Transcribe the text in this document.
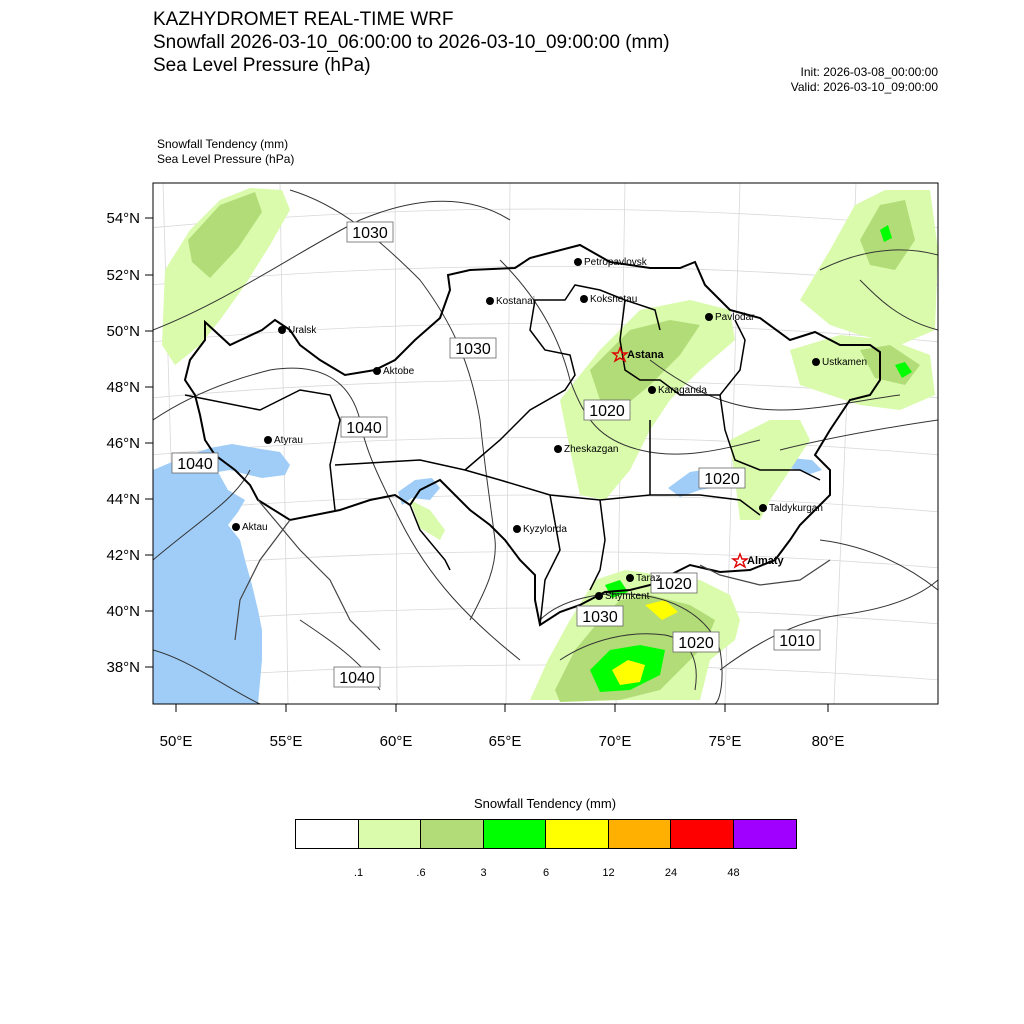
54°N
52°N
50°N
48°N
46°N
44°N
42°N
40°N
38°N
50°E	55°E	60°E	65°E	70°E	75°E	80°E
1030
1030
1040
1040
1020
1020
1020
1030
1020	1010
1040
Petropavlovsk
Kostanai	Kokshetau
Pavlodar
Uralsk
Astana
Ustkamen
Aktobe
Karaganda
Atyrau
Zheskazgan
Taldykurgan
Aktau	Kyzylorda
Almaty
Taraz
Shymkent
KAZHYDROMET REAL-TIME WRF
Snowfall 2026-03-10_06:00:00 to 2026-03-10_09:00:00 (mm)
Sea Level Pressure (hPa)	Init: 2026-03-08_00:00:00
Valid: 2026-03-10_09:00:00
Snowfall Tendency (mm)
Sea Level Pressure (hPa)
Snowfall Tendency (mm)
.1	.6	3	6	12	24	48
